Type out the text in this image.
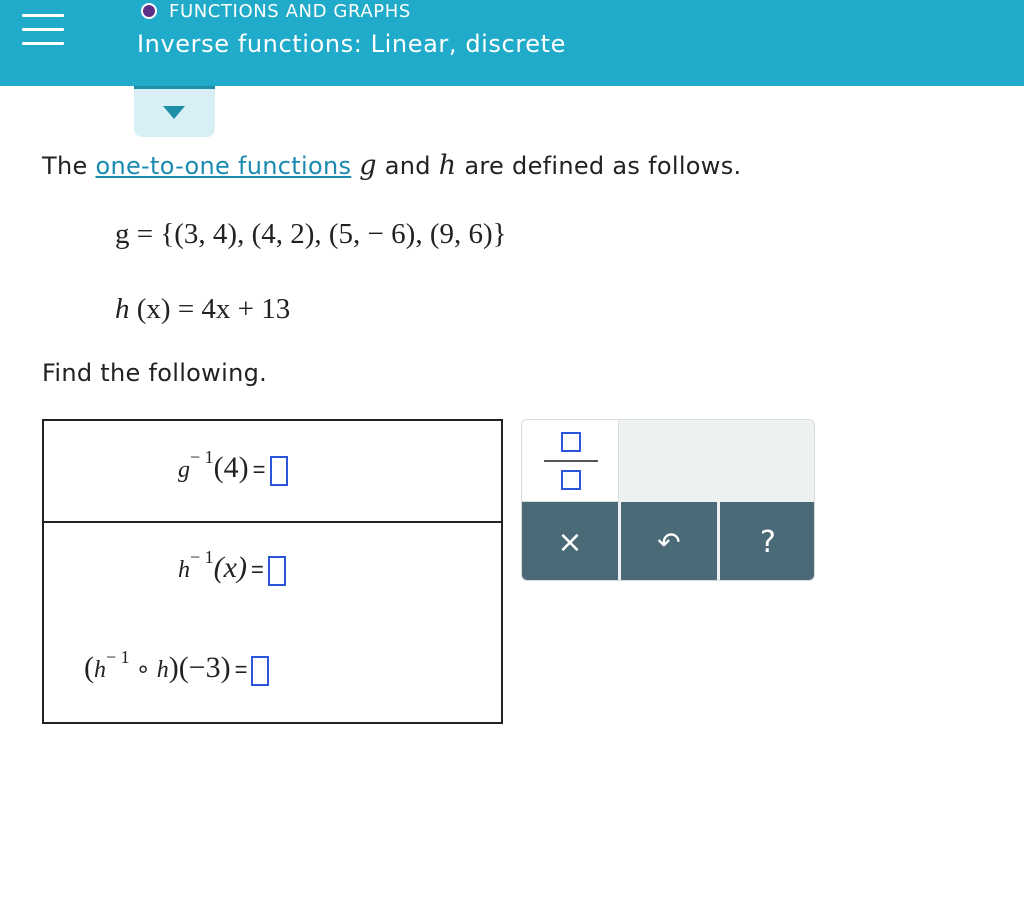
FUNCTIONS AND GRAPHS
Inverse functions: Linear, discrete
The one-to-one functions g and h are defined as follows.
g = {(3, 4), (4, 2), (5, − 6), (9, 6)}
h (x) = 4x + 13
Find the following.
$g^{- 1}(4)$ =
$h^{- 1}(x)$ =
($h^{- 1}$ ∘ h)(−3) =
×	↶	?
